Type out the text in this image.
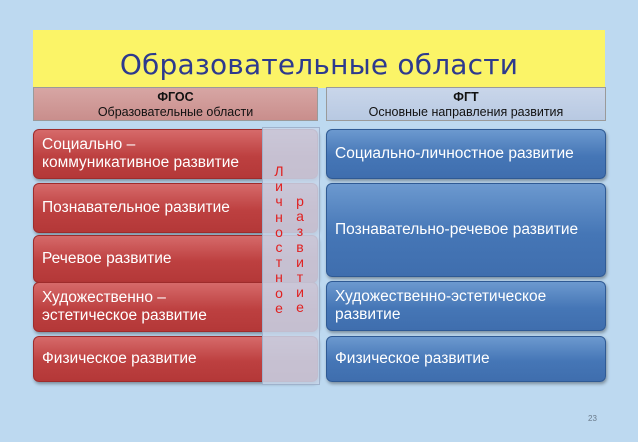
Образовательные области
ФГОС
Образовательные области
ФГТ
Основные направления развития
Социально – коммуникативное развитие
Познавательное развитие
Речевое развитие
Художественно – эстетическое развитие
Физическое развитие
Л
и
ч
н
о
с
т
н
о
е
р
а
з
в
и
т
и
е
Социально-личностное развитие
Познавательно-речевое развитие
Художественно-эстетическое развитие
Физическое развитие
23
